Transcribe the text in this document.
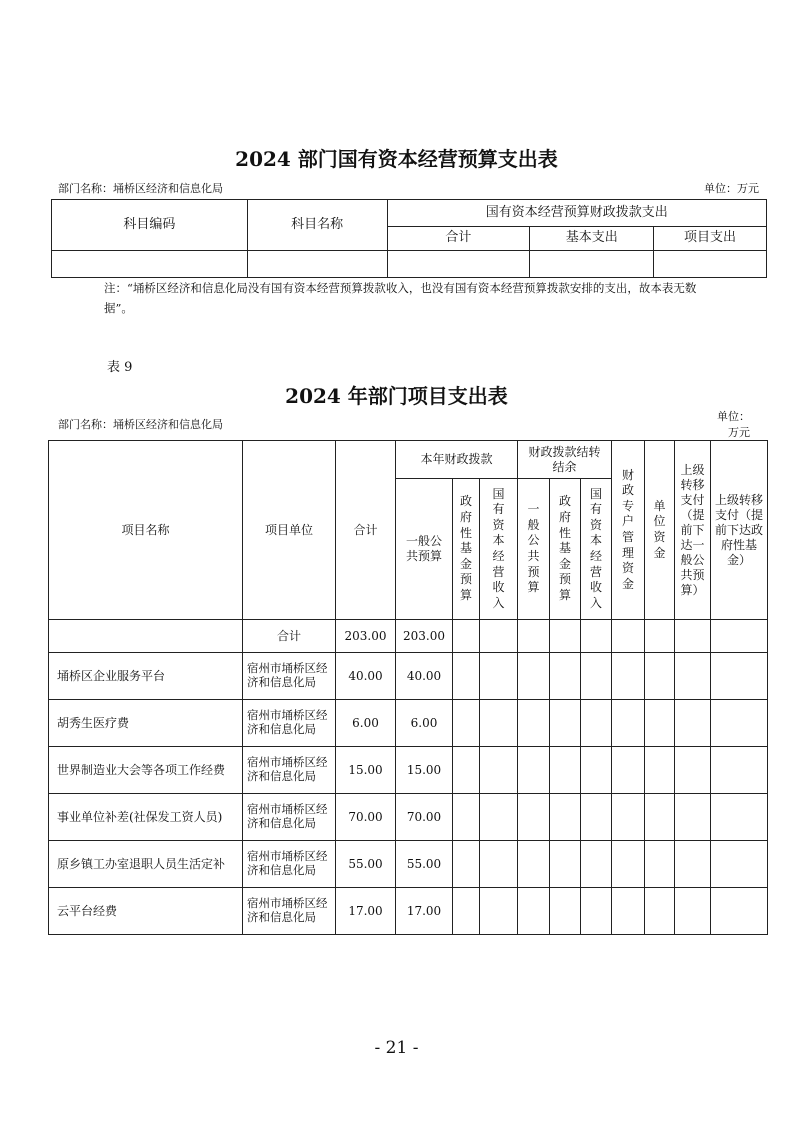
2024 部门国有资本经营预算支出表
部门名称：埇桥区经济和信息化局	单位：万元
科目编码	科目名称	国有资本经营预算财政拨款支出		
		合计	基本支出	项目支出

注：“埇桥区经济和信息化局没有国有资本经营预算拨款收入，也没有国有资本经营预算拨款安排的支出，故本表无数据”。
表 9
2024 年部门项目支出表
部门名称：埇桥区经济和信息化局
单位：
万元
项目名称	项目单位	合计	本年财政拨款			财政拨款结转结余			财政专户管理资金	单位资金	上级转移支付（提前下达一般公共预算）	上级转移支付（提前下达政府性基金）
			一般公共预算	政府性基金预算	国有资本经营收入	一般公共预算	政府性基金预算	国有资本经营收入				
	合计	203.00	203.00									
埇桥区企业服务平台	宿州市埇桥区经济和信息化局	40.00	40.00									
胡秀生医疗费	宿州市埇桥区经济和信息化局	6.00	6.00									
世界制造业大会等各项工作经费	宿州市埇桥区经济和信息化局	15.00	15.00									
事业单位补差(社保发工资人员)	宿州市埇桥区经济和信息化局	70.00	70.00									
原乡镇工办室退职人员生活定补	宿州市埇桥区经济和信息化局	55.00	55.00									
云平台经费	宿州市埇桥区经济和信息化局	17.00	17.00									
- 21 -
